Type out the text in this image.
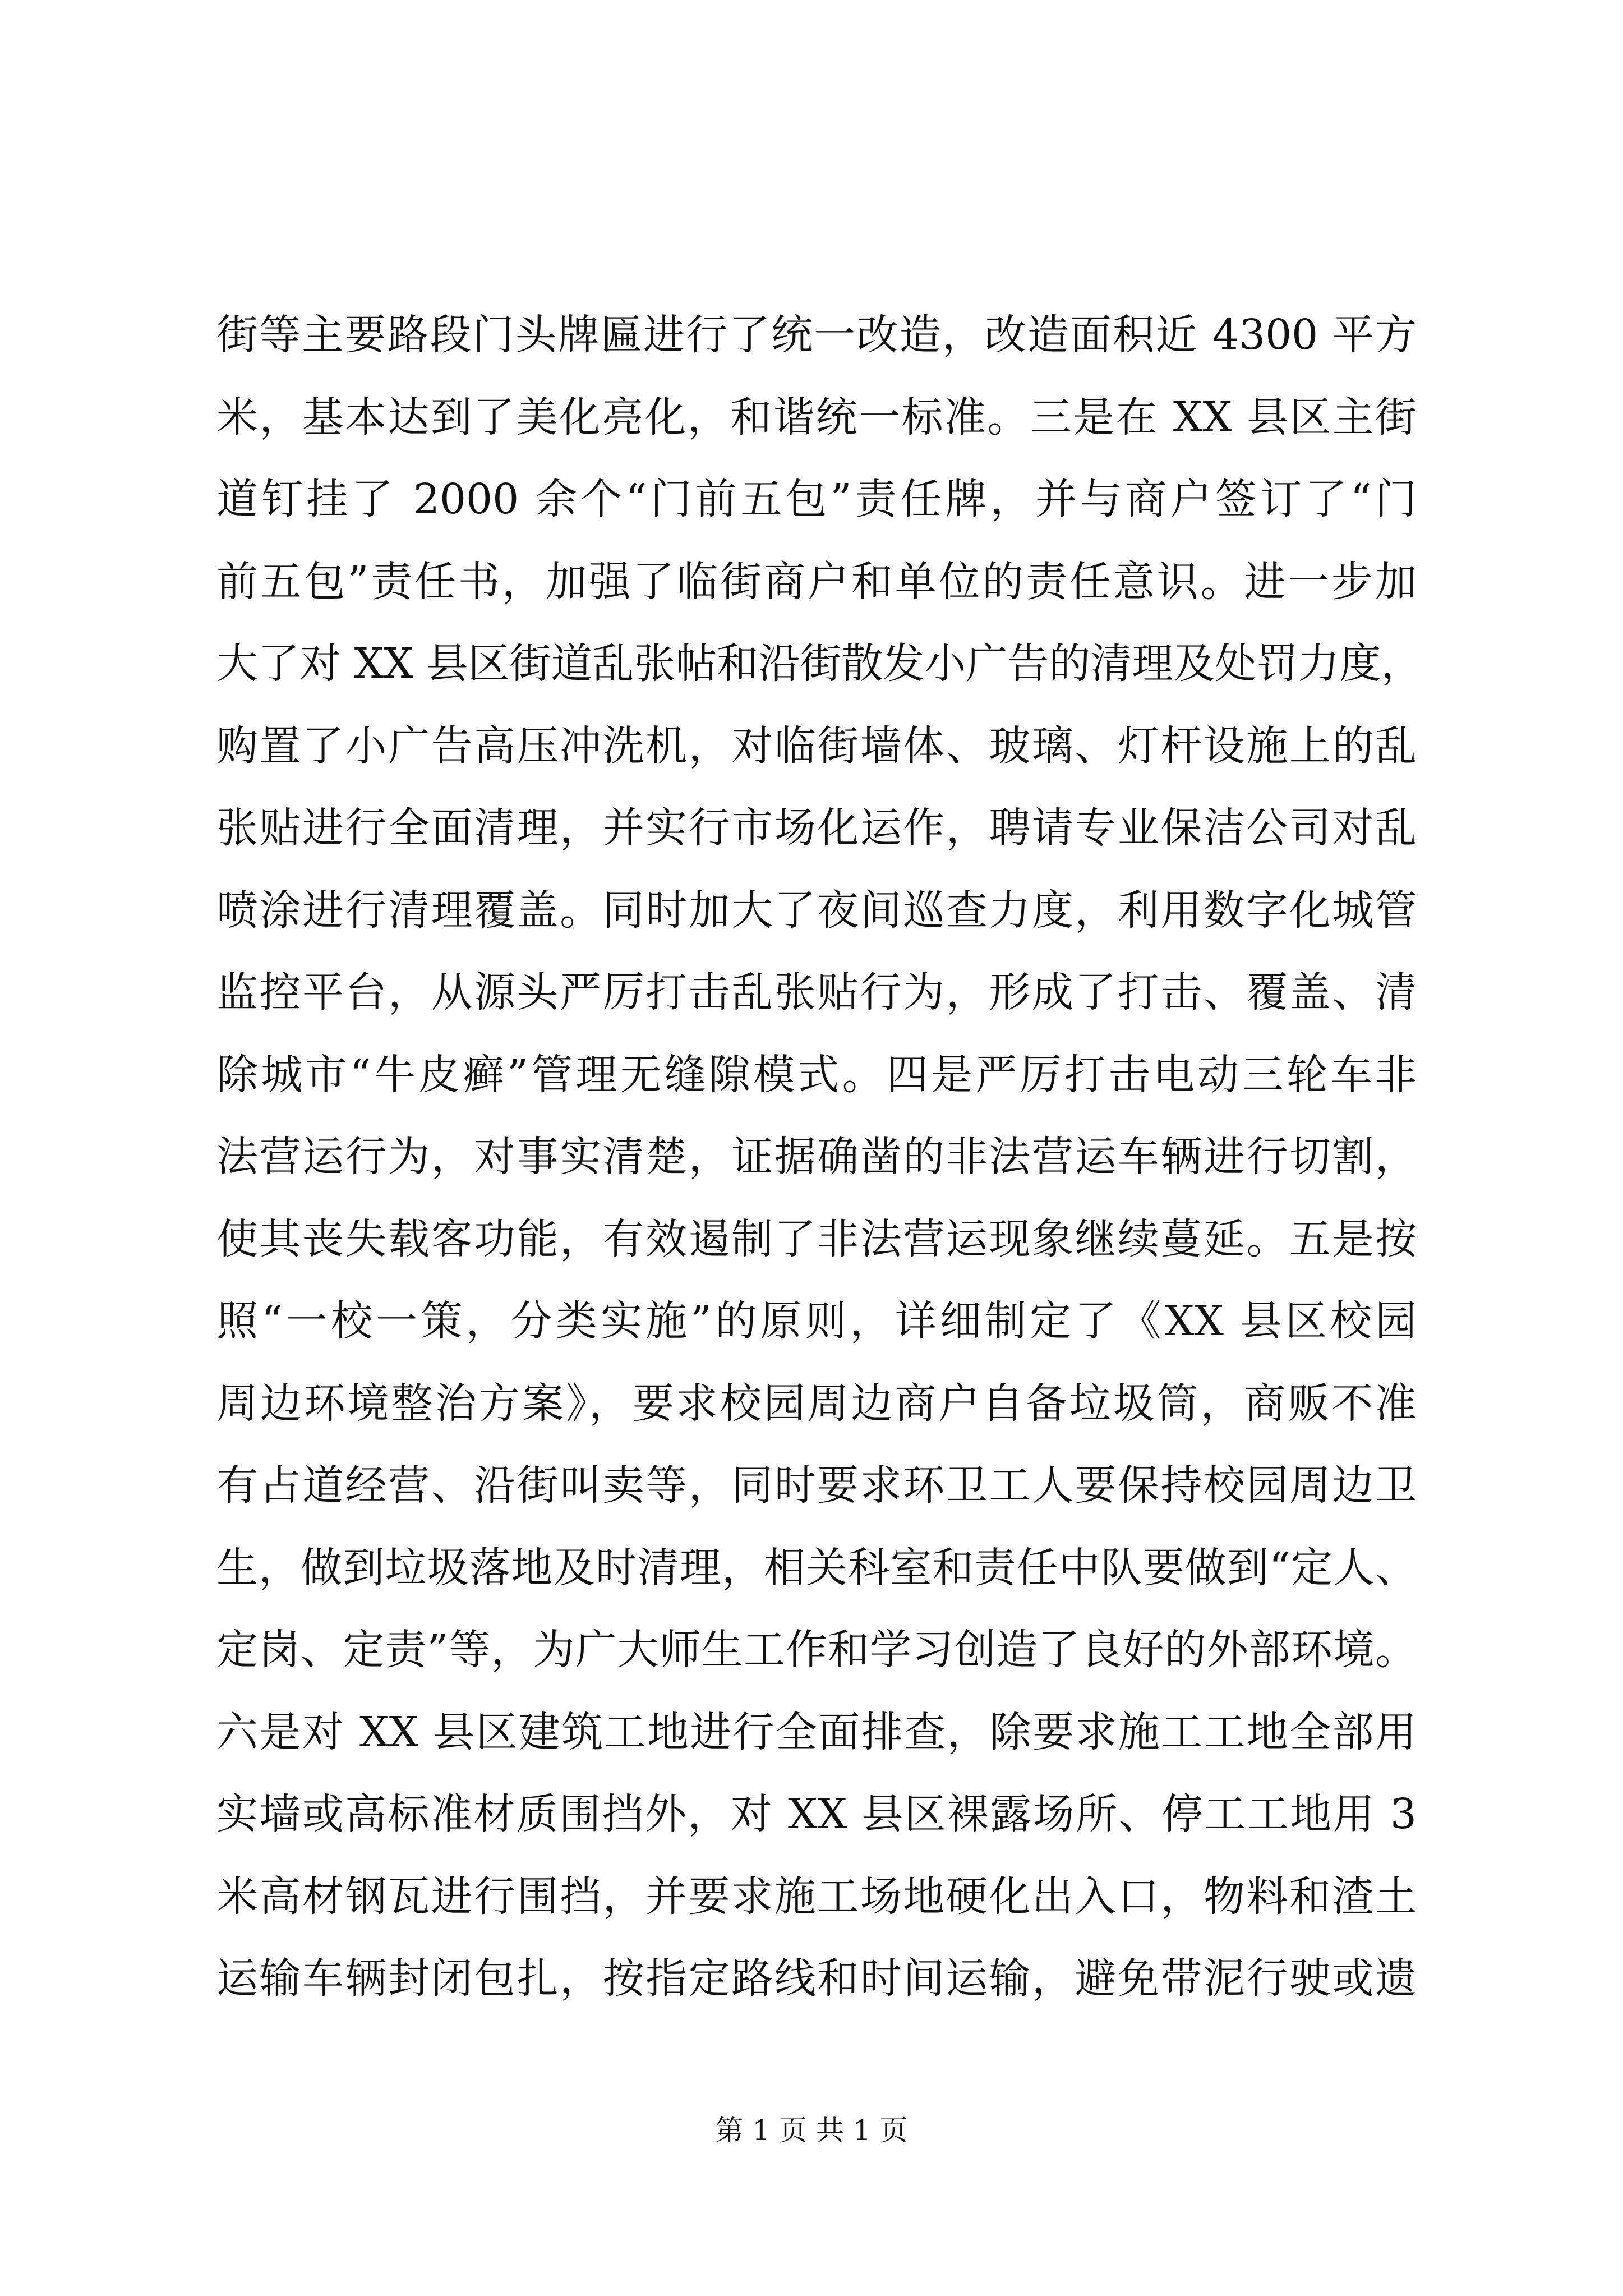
街等主要路段门头牌匾进行了统一改造，改造面积近 4300 平方
米，基本达到了美化亮化，和谐统一标准。三是在 XX 县区主街
道钉挂了 2000 余个“门前五包”责任牌，并与商户签订了“门
前五包”责任书，加强了临街商户和单位的责任意识。进一步加
大了对 XX 县区街道乱张帖和沿街散发小广告的清理及处罚力度，
购置了小广告高压冲洗机，对临街墙体、玻璃、灯杆设施上的乱
张贴进行全面清理，并实行市场化运作，聘请专业保洁公司对乱
喷涂进行清理覆盖。同时加大了夜间巡查力度，利用数字化城管
监控平台，从源头严厉打击乱张贴行为，形成了打击、覆盖、清
除城市“牛皮癣”管理无缝隙模式。四是严厉打击电动三轮车非
法营运行为，对事实清楚，证据确凿的非法营运车辆进行切割，
使其丧失载客功能，有效遏制了非法营运现象继续蔓延。五是按
照“一校一策，分类实施”的原则，详细制定了《XX 县区校园
周边环境整治方案》，要求校园周边商户自备垃圾筒，商贩不准
有占道经营、沿街叫卖等，同时要求环卫工人要保持校园周边卫
生，做到垃圾落地及时清理，相关科室和责任中队要做到“定人、
定岗、定责”等，为广大师生工作和学习创造了良好的外部环境。
六是对 XX 县区建筑工地进行全面排查，除要求施工工地全部用
实墙或高标准材质围挡外，对 XX 县区裸露场所、停工工地用 3
米高材钢瓦进行围挡，并要求施工场地硬化出入口，物料和渣土
运输车辆封闭包扎，按指定路线和时间运输，避免带泥行驶或遗
第 1 页 共 1 页
